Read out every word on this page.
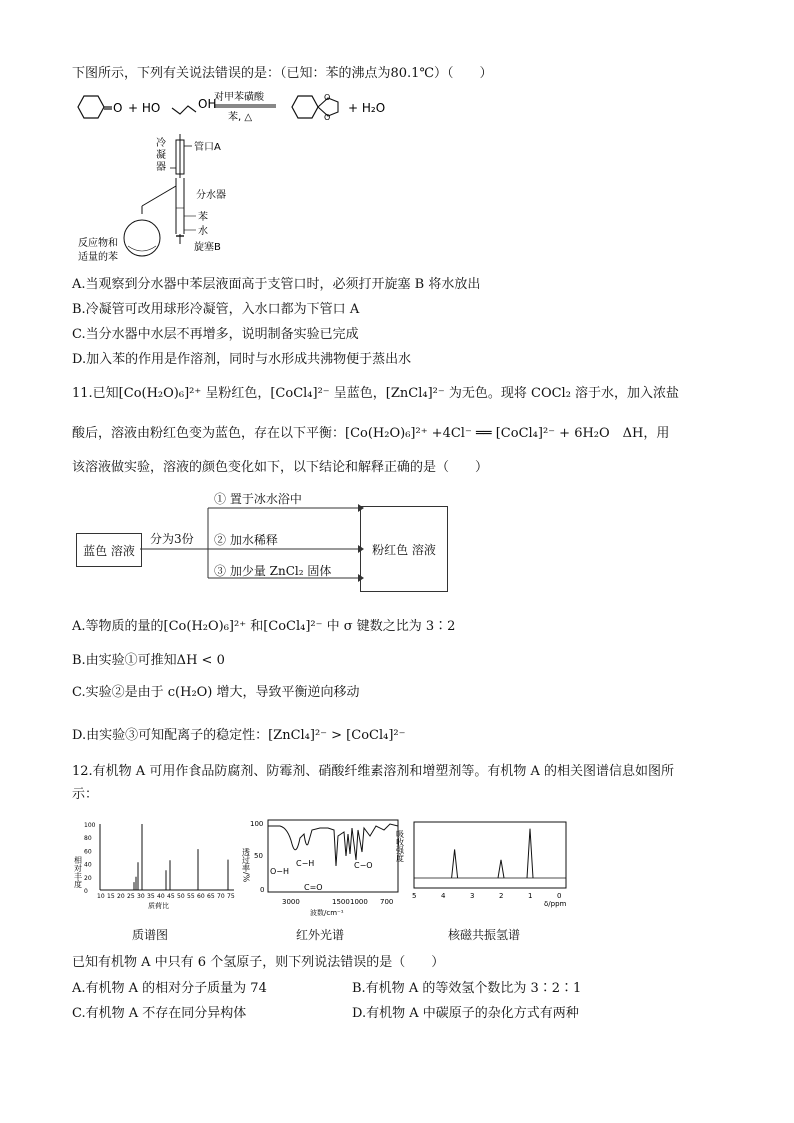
下图所示，下列有关说法错误的是：（已知：苯的沸点为80.1℃）（　　）
O + HO	OH
对甲苯磺酸
苯, △
O
O
+ H₂O
冷
凝
器
管口A
分水器
苯
水
旋塞B
反应物和
适量的苯
A.当观察到分水器中苯层液面高于支管口时，必须打开旋塞 B 将水放出
B.冷凝管可改用球形冷凝管，入水口都为下管口 A
C.当分水器中水层不再增多，说明制备实验已完成
D.加入苯的作用是作溶剂，同时与水形成共沸物便于蒸出水
11.已知[Co(H₂O)₆]²⁺ 呈粉红色，[CoCl₄]²⁻ 呈蓝色，[ZnCl₄]²⁻ 为无色。现将 COCl₂ 溶于水，加入浓盐
酸后，溶液由粉红色变为蓝色，存在以下平衡：[Co(H₂O)₆]²⁺ +4Cl⁻ ══ [CoCl₄]²⁻ + 6H₂O　ΔH，用
该溶液做实验，溶液的颜色变化如下，以下结论和解释正确的是（　　）
蓝色 溶液	粉红色 溶液
分为3份
① 置于冰水浴中
② 加水稀释
③ 加少量 ZnCl₂ 固体
A.等物质的量的[Co(H₂O)₆]²⁺ 和[CoCl₄]²⁻ 中 σ 键数之比为 3∶2
B.由实验①可推知ΔH < 0
C.实验②是由于 c(H₂O) 增大，导致平衡逆向移动
D.由实验③可知配离子的稳定性：[ZnCl₄]²⁻ > [CoCl₄]²⁻
12.有机物 A 可用作食品防腐剂、防霉剂、硝酸纤维素溶剂和增塑剂等。有机物 A 的相关图谱信息如图所
示：
相对丰度
100
80
60
40
20
0
10 15 20 25 30 35 40 45 50 55 60 65 70 75
质荷比
质谱图
透过率/%
100
50
0
O−H
C−H
C=O
C−O
3000	1500 1000 700
波数/cm⁻¹
红外光谱
吸收强度
5	4	3	2	1	0
δ/ppm
核磁共振氢谱
已知有机物 A 中只有 6 个氢原子，则下列说法错误的是（　　）
A.有机物 A 的相对分子质量为 74	B.有机物 A 的等效氢个数比为 3∶2∶1
C.有机物 A 不存在同分异构体	D.有机物 A 中碳原子的杂化方式有两种
